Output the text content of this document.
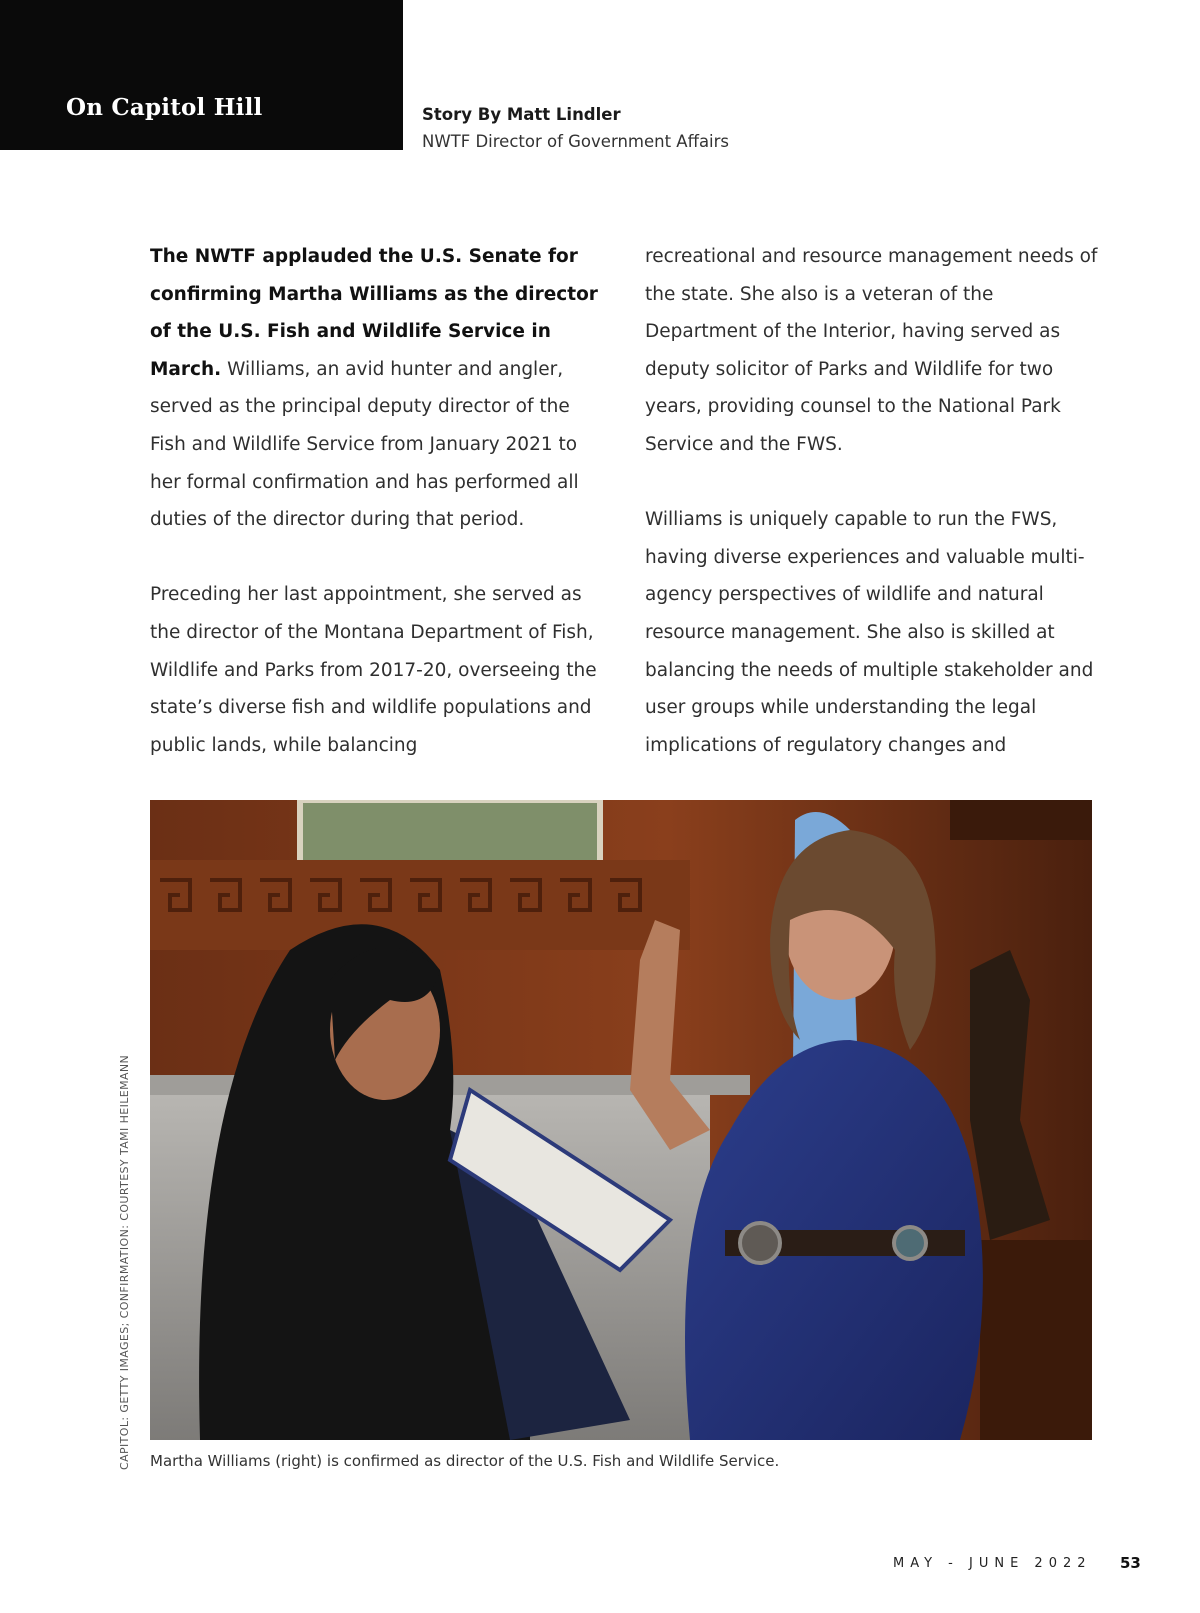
On Capitol Hill	Story By Matt Lindler
NWTF Director of Government Affairs

The NWTF applauded the U.S. Senate for confirming Martha Williams as the director of the U.S. Fish and Wildlife Service in March. Williams, an avid hunter and angler, served as the principal deputy director of the Fish and Wildlife Service from January 2021 to her formal confirmation and has performed all duties of the director during that period.

Preceding her last appointment, she served as the director of the Montana Department of Fish, Wildlife and Parks from 2017-20, overseeing the state’s diverse fish and wildlife populations and public lands, while balancing

recreational and resource management needs of the state. She also is a veteran of the Department of the Interior, having served as deputy solicitor of Parks and Wildlife for two years, providing counsel to the National Park Service and the FWS.

Williams is uniquely capable to run the FWS, having diverse experiences and valuable multi-agency perspectives of wildlife and natural resource management. She also is skilled at balancing the needs of multiple stakeholder and user groups while understanding the legal implications of regulatory changes and

CAPITOL: GETTY IMAGES; CONFIRMATION: COURTESY TAMI HEILEMANN Martha Williams (right) is confirmed as director of the U.S. Fish and Wildlife Service.
MAY - JUNE 2022 53
